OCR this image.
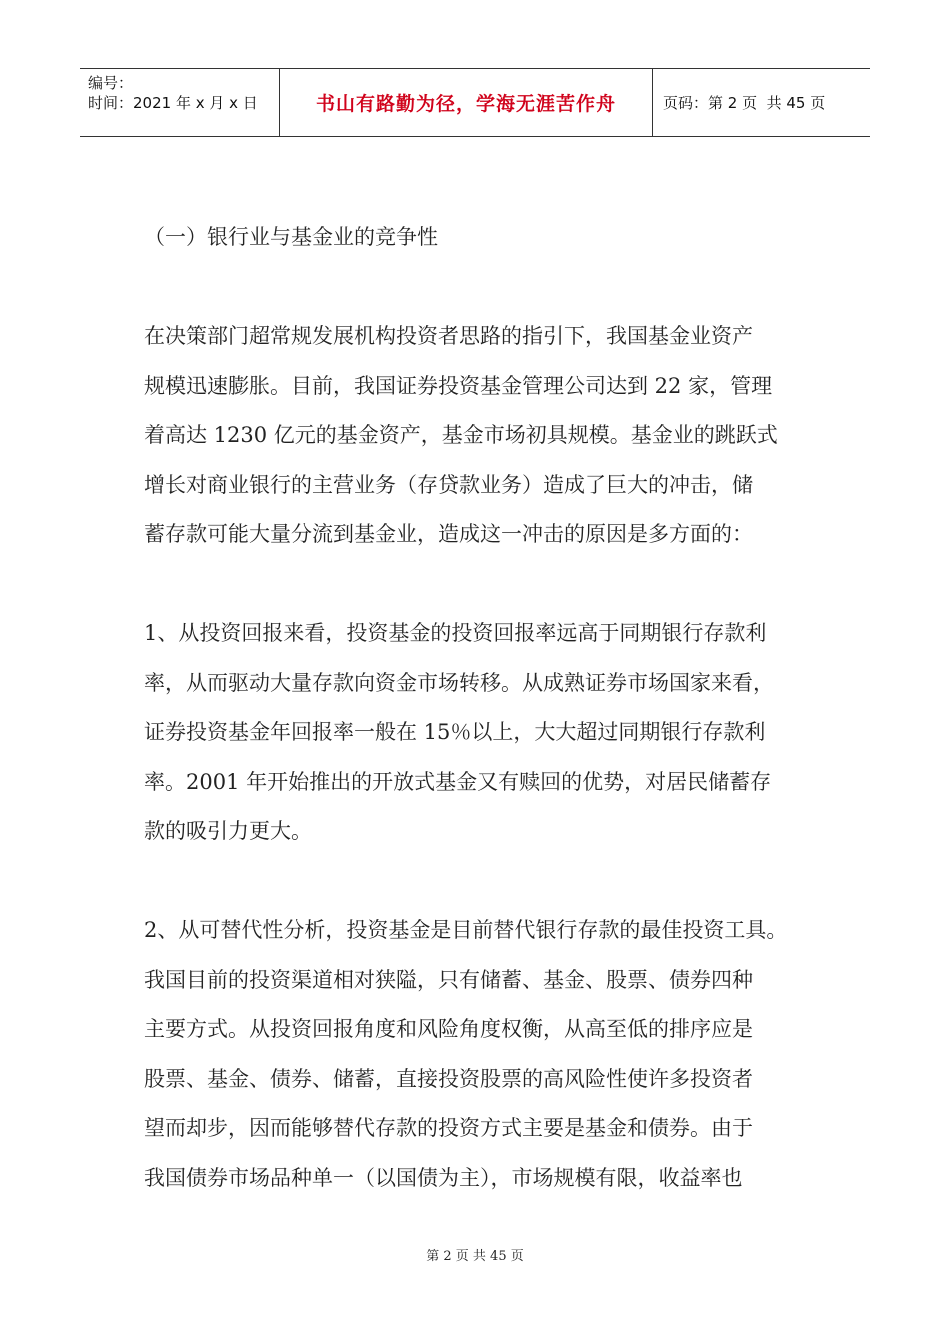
编号：
时间：2021 年 x 月 x 日	书山有路勤为径，学海无涯苦作舟	页码：第 2 页  共 45 页

（一）银行业与基金业的竞争性

在决策部门超常规发展机构投资者思路的指引下，我国基金业资产

规模迅速膨胀。目前，我国证券投资基金管理公司达到 22 家，管理

着高达 1230 亿元的基金资产，基金市场初具规模。基金业的跳跃式

增长对商业银行的主营业务（存贷款业务）造成了巨大的冲击，储

蓄存款可能大量分流到基金业，造成这一冲击的原因是多方面的：

1、从投资回报来看，投资基金的投资回报率远高于同期银行存款利

率，从而驱动大量存款向资金市场转移。从成熟证券市场国家来看，

证券投资基金年回报率一般在 15％以上，大大超过同期银行存款利

率。2001 年开始推出的开放式基金又有赎回的优势，对居民储蓄存

款的吸引力更大。

2、从可替代性分析，投资基金是目前替代银行存款的最佳投资工具。

我国目前的投资渠道相对狭隘，只有储蓄、基金、股票、债券四种

主要方式。从投资回报角度和风险角度权衡，从高至低的排序应是

股票、基金、债券、储蓄，直接投资股票的高风险性使许多投资者

望而却步，因而能够替代存款的投资方式主要是基金和债券。由于

我国债券市场品种单一（以国债为主），市场规模有限，收益率也

第 2 页 共 45 页
